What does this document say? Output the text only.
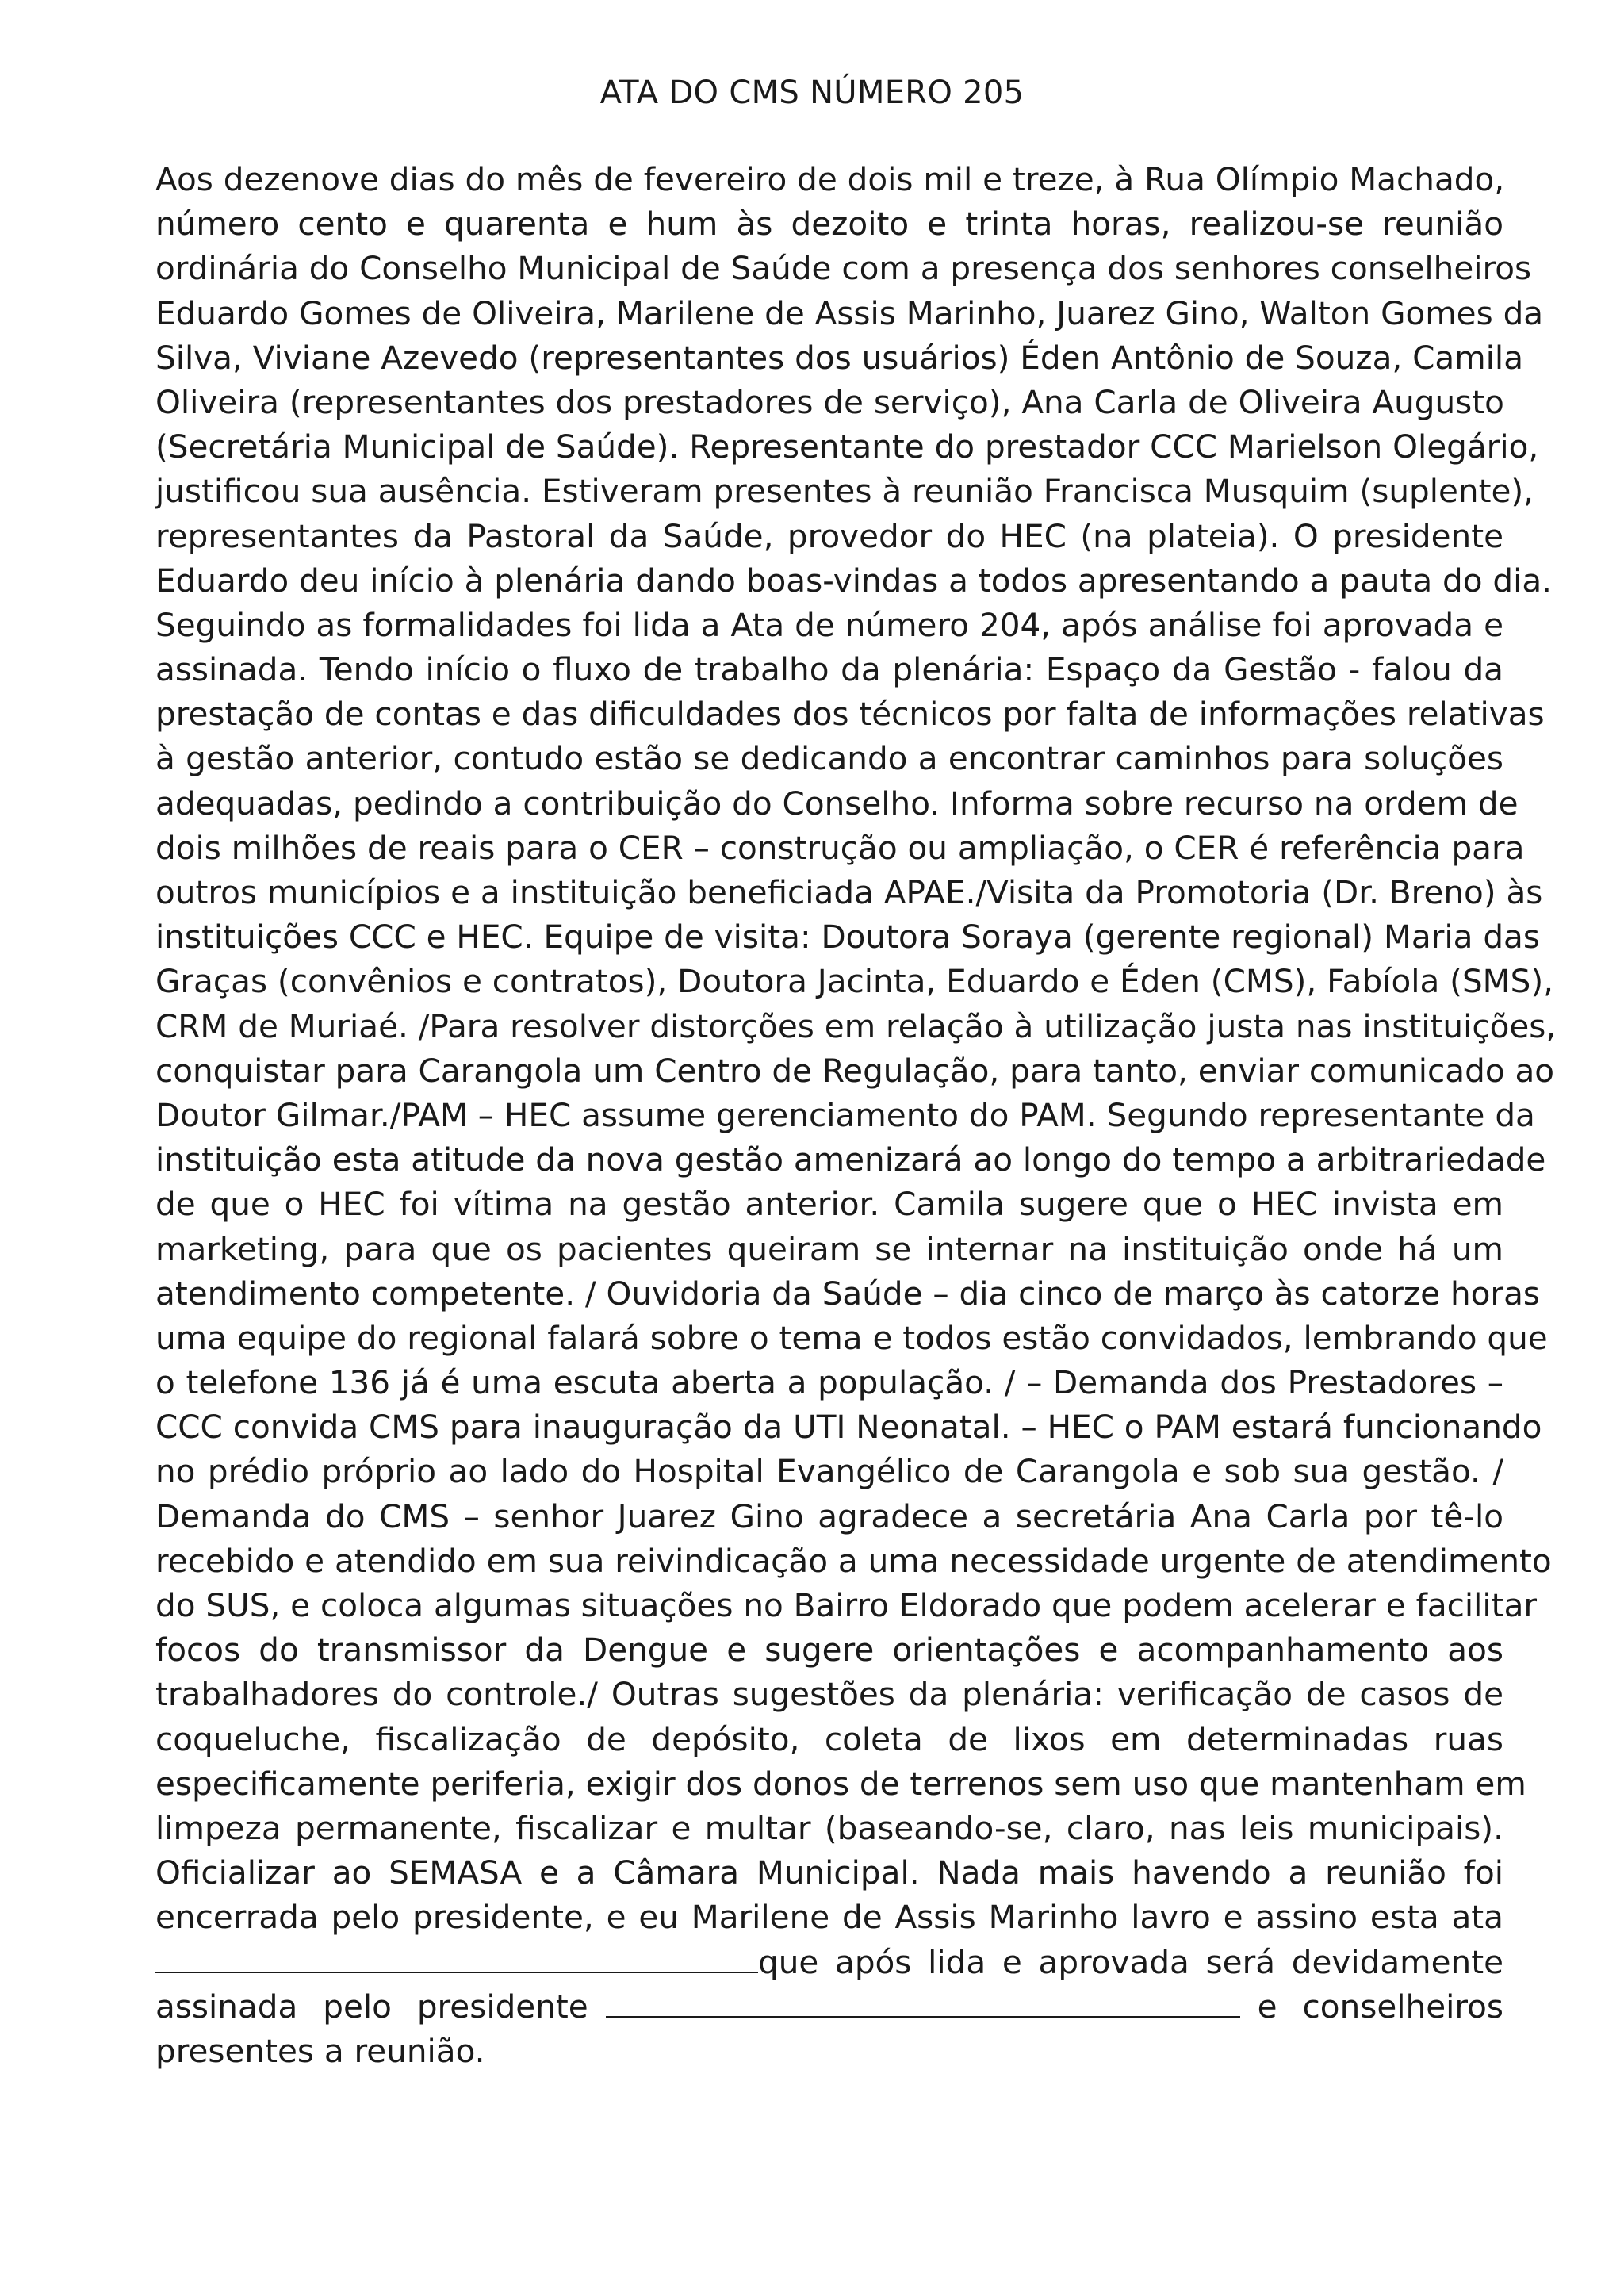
ATA DO CMS NÚMERO 205
Aos dezenove dias do mês de fevereiro de dois mil e treze, à Rua Olímpio Machado,
número cento e quarenta e hum às dezoito e trinta horas, realizou-se reunião
ordinária do Conselho Municipal de Saúde com a presença dos senhores conselheiros
Eduardo Gomes de Oliveira, Marilene de Assis Marinho, Juarez Gino, Walton Gomes da
Silva, Viviane Azevedo (representantes dos usuários) Éden Antônio de Souza, Camila
Oliveira (representantes dos prestadores de serviço), Ana Carla de Oliveira Augusto
(Secretária Municipal de Saúde). Representante do prestador CCC Marielson Olegário,
justificou sua ausência. Estiveram presentes à reunião Francisca Musquim (suplente),
representantes da Pastoral da Saúde, provedor do HEC (na plateia). O presidente
Eduardo deu início à plenária dando boas-vindas a todos apresentando a pauta do dia.
Seguindo as formalidades foi lida a Ata de número 204, após análise foi aprovada e
assinada. Tendo início o fluxo de trabalho da plenária: Espaço da Gestão - falou da
prestação de contas e das dificuldades dos técnicos por falta de informações relativas
à gestão anterior, contudo estão se dedicando a encontrar caminhos para soluções
adequadas, pedindo a contribuição do Conselho. Informa sobre recurso na ordem de
dois milhões de reais para o CER – construção ou ampliação, o CER é referência para
outros municípios e a instituição beneficiada APAE./Visita da Promotoria (Dr. Breno) às
instituições CCC e HEC. Equipe de visita: Doutora Soraya (gerente regional) Maria das
Graças (convênios e contratos), Doutora Jacinta, Eduardo e Éden (CMS), Fabíola (SMS),
CRM de Muriaé. /Para resolver distorções em relação à utilização justa nas instituições,
conquistar para Carangola um Centro de Regulação, para tanto, enviar comunicado ao
Doutor Gilmar./PAM – HEC assume gerenciamento do PAM. Segundo representante da
instituição esta atitude da nova gestão amenizará ao longo do tempo a arbitrariedade
de que o HEC foi vítima na gestão anterior. Camila sugere que o HEC invista em
marketing, para que os pacientes queiram se internar na instituição onde há um
atendimento competente. / Ouvidoria da Saúde – dia cinco de março às catorze horas
uma equipe do regional falará sobre o tema e todos estão convidados, lembrando que
o telefone 136 já é uma escuta aberta a população. / – Demanda dos Prestadores –
CCC convida CMS para inauguração da UTI Neonatal. – HEC o PAM estará funcionando
no prédio próprio ao lado do Hospital Evangélico de Carangola e sob sua gestão. /
Demanda do CMS – senhor Juarez Gino agradece a secretária Ana Carla por tê-lo
recebido e atendido em sua reivindicação a uma necessidade urgente de atendimento
do SUS, e coloca algumas situações no Bairro Eldorado que podem acelerar e facilitar
focos do transmissor da Dengue e sugere orientações e acompanhamento aos
trabalhadores do controle./ Outras sugestões da plenária: verificação de casos de
coqueluche, fiscalização de depósito, coleta de lixos em determinadas ruas
especificamente periferia, exigir dos donos de terrenos sem uso que mantenham em
limpeza permanente, fiscalizar e multar (baseando-se, claro, nas leis municipais).
Oficializar ao SEMASA e a Câmara Municipal. Nada mais havendo a reunião foi
encerrada pelo presidente, e eu Marilene de Assis Marinho lavro e assino esta ata
que após lida e aprovada será devidamente
assinada pelo presidente	e conselheiros
presentes a reunião.
